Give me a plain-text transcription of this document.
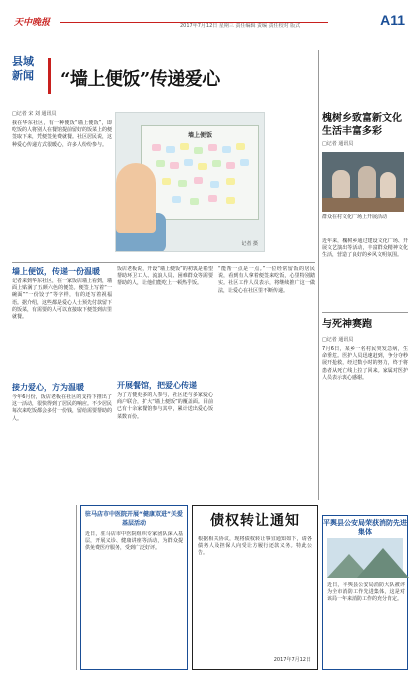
天中晚报	2017年7月12日 星期三 责任编辑 责编 责任校对 版式	A11
县域
新闻	“墙上便饭”传递爱心
□记者 宋 刘 通讯员
墙上便饭
记者 摄
我在华东社区，有一种便饭“墙上便饭”，即吃饭的人将别人在餐馆提前留好的饭菜上的便签取下来，凭便签免费就餐。社区居民说，这种爱心传递方式很暖心，许多人纷纷参与。
墙上便饭，传递一份温暖
记者来到华东社区，在一家饭店墙上看到，墙面上贴满了五颜六色的便签。便签上写着“一碗面”“一份饺子”等字样，有的还写着祝福语。据介绍，这些都是爱心人士预先付款留下的饭菜，有需要的人可以直接取下便签到店里就餐。
接力爱心，方为温暖
今年6月份，饭店老板在社区的支持下推出了这一活动，很快得到了居民的响应。不少居民每次来吃饭都会多付一份钱，留给需要帮助的人。
饭店老板说，开设“墙上便饭”的初衷是希望帮助环卫工人、流浪人员、困难群众等需要帮助的人，让他们能吃上一顿热乎饭。
开展餐馆，把爱心传递
为了方便更多的人参与，社区还与多家爱心商户联合，扩大“墙上便饭”的覆盖面。目前已有十余家餐馆参与其中，累计送出爱心饭菜数百份。
“能帮一点是一点。”一位经常留饭的居民说，看到有人拿着便签来吃饭，心里特别踏实。社区工作人员表示，将继续推广这一做法，让爱心在社区里不断传递。
槐树乡致富新文化生活丰富多彩
□记者 通讯员
群众在村文化广场上开展活动
近年来，槐树乡通过建设文化广场、开展文艺演出等活动，丰富群众精神文化生活，营造了良好的乡风文明氛围。
与死神赛跑
□记者 通讯员
7月6日，某乡一名村民突发急病，生命垂危。医护人员迅速赶到，争分夺秒展开抢救，经过数小时的努力，终于将患者从死亡线上拉了回来。家属对医护人员表示衷心感谢。
驻马店市中医院开展“健康双进”关爱基层活动
近日，驻马店市中医院组织专家团队深入基层，开展义诊、健康讲座等活动，为群众提供免费医疗服务，受到广泛好评。
债权转让通知
根据相关协议，现将债权转让事宜通知如下，请各债务人及担保人向受让方履行还款义务。特此公告。
2017年7月12日
平舆县公安局荣获消防先进集体
近日，平舆县公安局消防大队被评为全市消防工作先进集体，这是对该局一年来消防工作的充分肯定。
